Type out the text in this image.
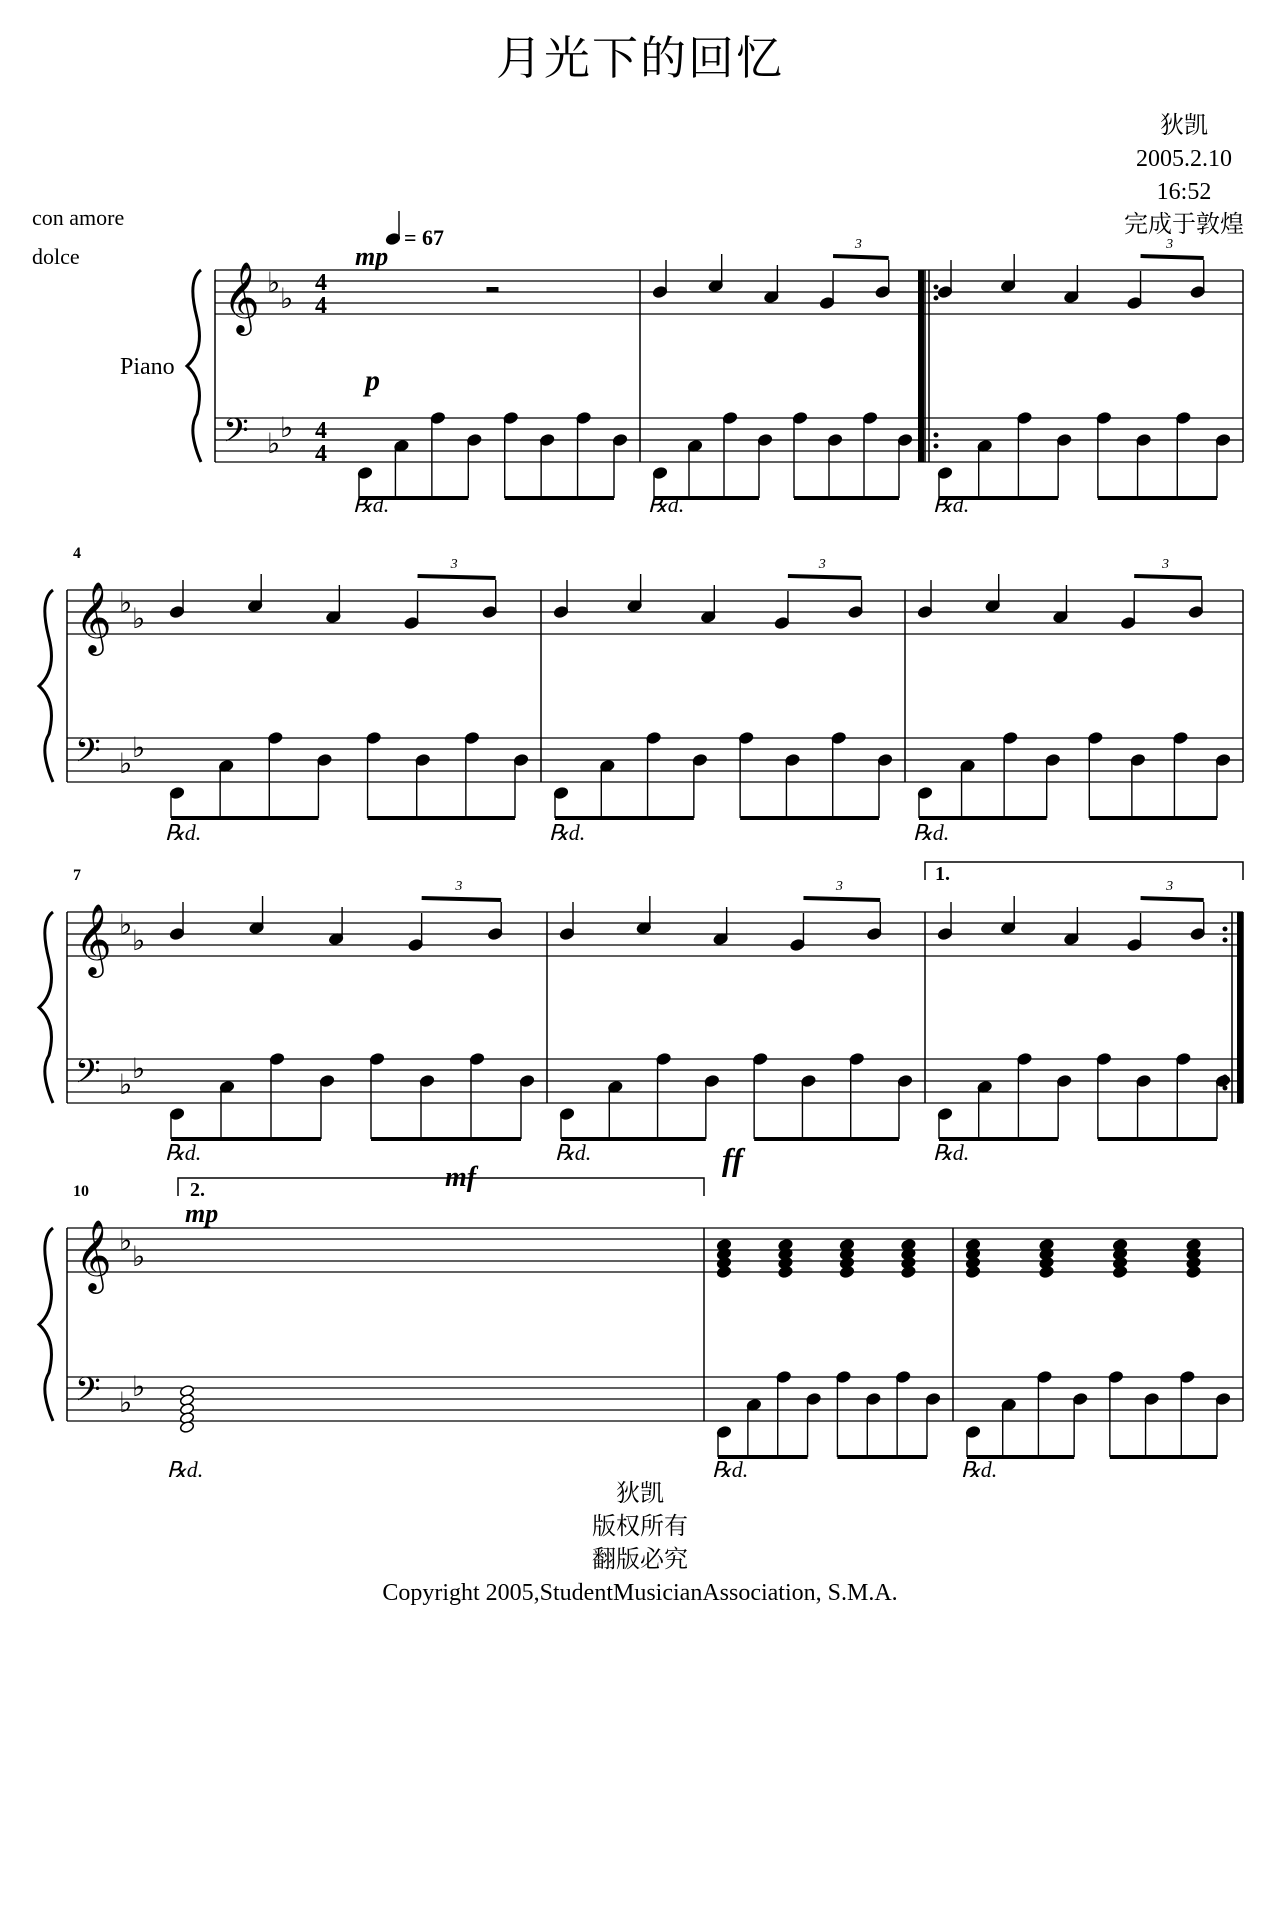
月光下的回忆
狄凯
2005.2.10
16:52
完成于敦煌
con amore
dolce
Piano
𝄞
𝄢
♭
♭
♭
♭
4
4
4
4
℞d.	℞d.
3
℞d.
3
𝄞
𝄢
♭
♭
♭
♭
4
℞d.
3
℞d.
3
℞d.
3
𝄞
𝄢
♭
♭
♭
♭
7
℞d.
3
℞d.
3
℞d.
3
𝄞
𝄢
♭
♭
♭
♭
10
℞d.	℞d.	℞d.
1.
2.
= 67
mp
p
mp
mf
ff
狄凯
版权所有
翻版必究
Copyright 2005,StudentMusicianAssociation, S.M.A.
